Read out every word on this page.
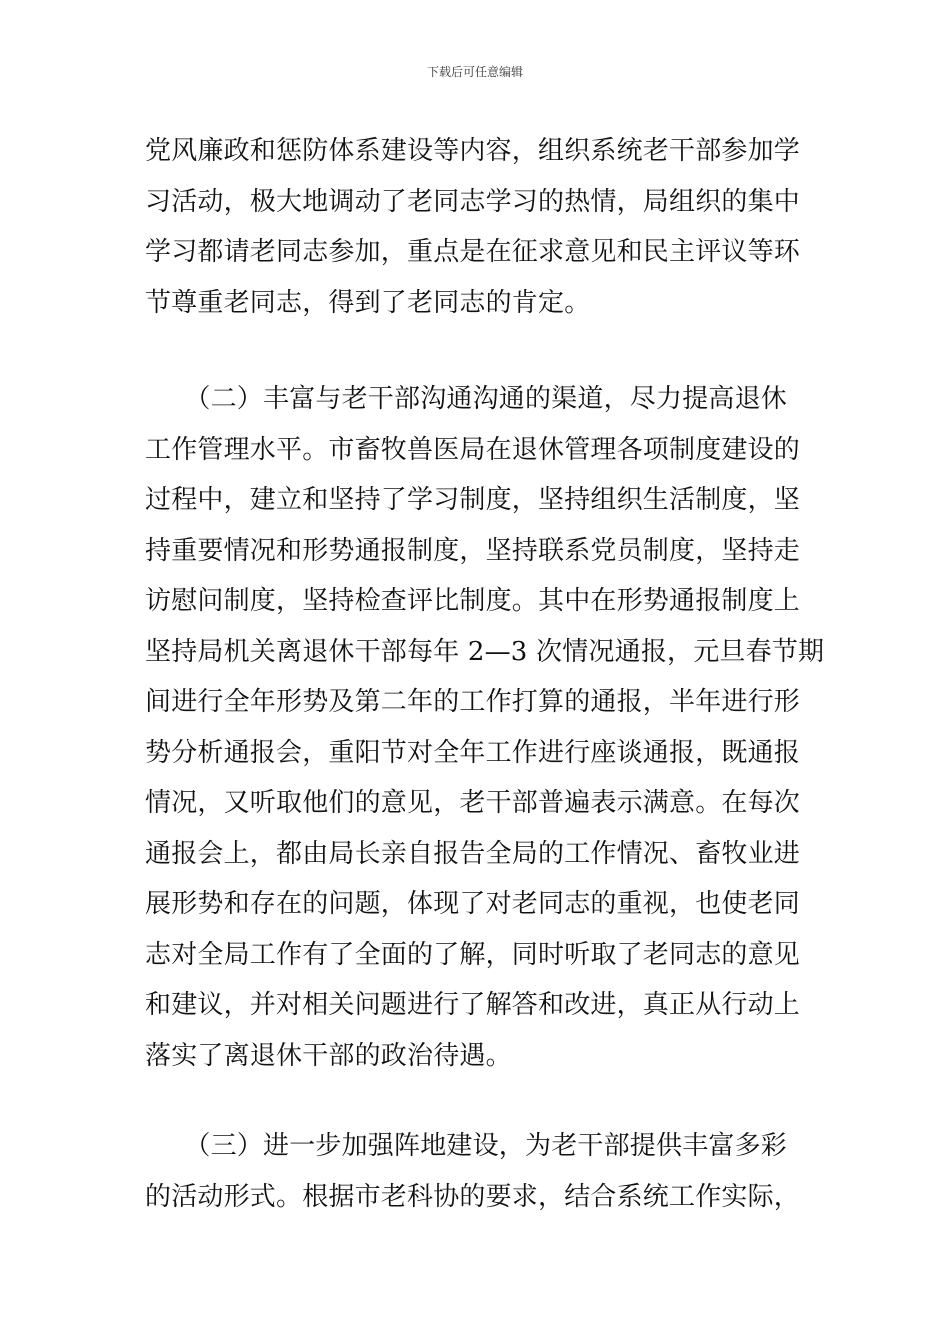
下载后可任意编辑
党风廉政和惩防体系建设等内容，组织系统老干部参加学
习活动，极大地调动了老同志学习的热情，局组织的集中
学习都请老同志参加，重点是在征求意见和民主评议等环
节尊重老同志，得到了老同志的肯定。
　　（二）丰富与老干部沟通沟通的渠道，尽力提高退休
工作管理水平。市畜牧兽医局在退休管理各项制度建设的
过程中，建立和坚持了学习制度，坚持组织生活制度，坚
持重要情况和形势通报制度，坚持联系党员制度，坚持走
访慰问制度，坚持检查评比制度。其中在形势通报制度上
坚持局机关离退休干部每年 2—3 次情况通报，元旦春节期
间进行全年形势及第二年的工作打算的通报，半年进行形
势分析通报会，重阳节对全年工作进行座谈通报，既通报
情况，又听取他们的意见，老干部普遍表示满意。在每次
通报会上，都由局长亲自报告全局的工作情况、畜牧业进
展形势和存在的问题，体现了对老同志的重视，也使老同
志对全局工作有了全面的了解，同时听取了老同志的意见
和建议，并对相关问题进行了解答和改进，真正从行动上
落实了离退休干部的政治待遇。
　　（三）进一步加强阵地建设，为老干部提供丰富多彩
的活动形式。根据市老科协的要求，结合系统工作实际，
